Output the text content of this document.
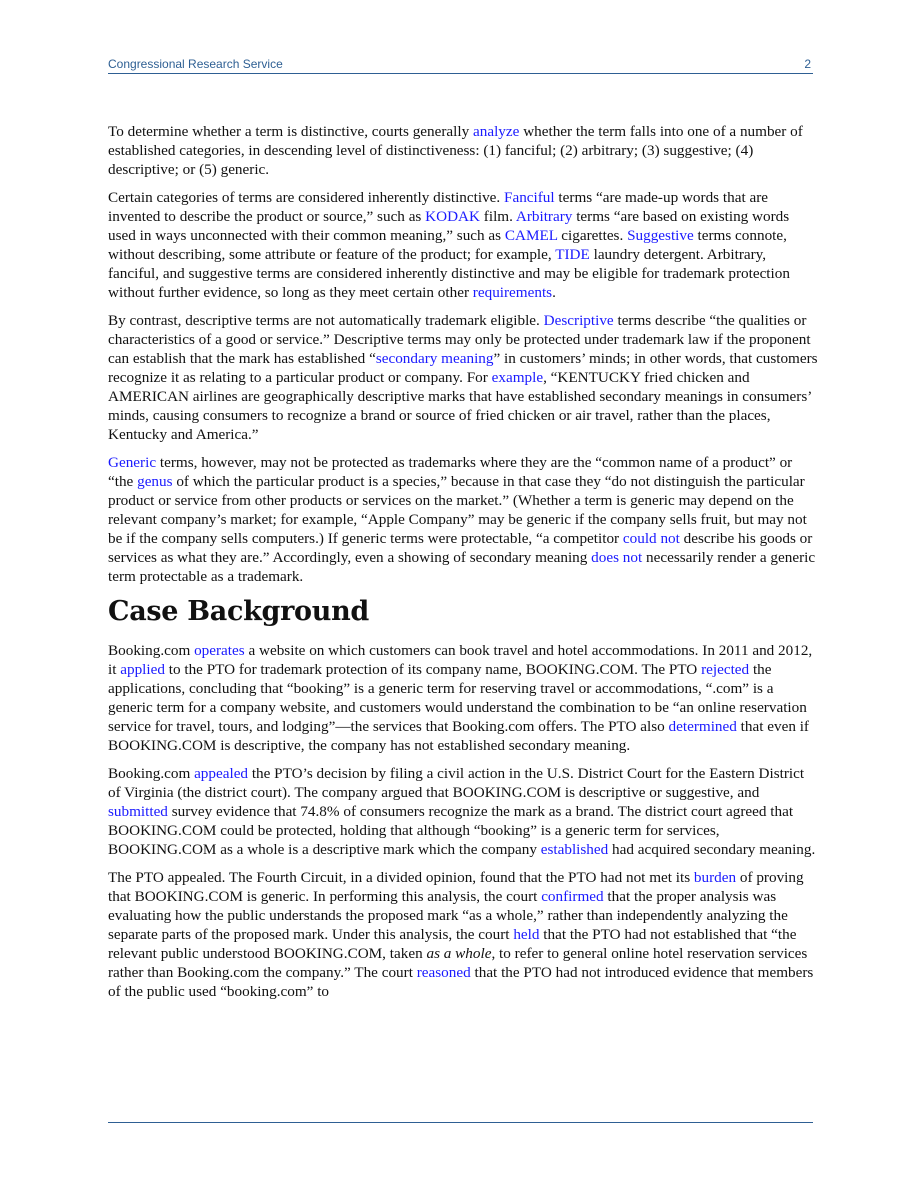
Congressional Research Service	2

To determine whether a term is distinctive, courts generally analyze whether the term falls into one of a number of established categories, in descending level of distinctiveness: (1) fanciful; (2) arbitrary; (3) suggestive; (4) descriptive; or (5) generic.

Certain categories of terms are considered inherently distinctive. Fanciful terms “are made-up words that are invented to describe the product or source,” such as KODAK film. Arbitrary terms “are based on existing words used in ways unconnected with their common meaning,” such as CAMEL cigarettes. Suggestive terms connote, without describing, some attribute or feature of the product; for example, TIDE laundry detergent. Arbitrary, fanciful, and suggestive terms are considered inherently distinctive and may be eligible for trademark protection without further evidence, so long as they meet certain other requirements.

By contrast, descriptive terms are not automatically trademark eligible. Descriptive terms describe “the qualities or characteristics of a good or service.” Descriptive terms may only be protected under trademark law if the proponent can establish that the mark has established “secondary meaning” in customers’ minds; in other words, that customers recognize it as relating to a particular product or company. For example, “KENTUCKY fried chicken and AMERICAN airlines are geographically descriptive marks that have established secondary meanings in consumers’ minds, causing consumers to recognize a brand or source of fried chicken or air travel, rather than the places, Kentucky and America.”

Generic terms, however, may not be protected as trademarks where they are the “common name of a product” or “the genus of which the particular product is a species,” because in that case they “do not distinguish the particular product or service from other products or services on the market.” (Whether a term is generic may depend on the relevant company’s market; for example, “Apple Company” may be generic if the company sells fruit, but may not be if the company sells computers.) If generic terms were protectable, “a competitor could not describe his goods or services as what they are.” Accordingly, even a showing of secondary meaning does not necessarily render a generic term protectable as a trademark.

Case Background

Booking.com operates a website on which customers can book travel and hotel accommodations. In 2011 and 2012, it applied to the PTO for trademark protection of its company name, BOOKING.COM. The PTO rejected the applications, concluding that “booking” is a generic term for reserving travel or accommodations, “.com” is a generic term for a company website, and customers would understand the combination to be “an online reservation service for travel, tours, and lodging”—the services that Booking.com offers. The PTO also determined that even if BOOKING.COM is descriptive, the company has not established secondary meaning.

Booking.com appealed the PTO’s decision by filing a civil action in the U.S. District Court for the Eastern District of Virginia (the district court). The company argued that BOOKING.COM is descriptive or suggestive, and submitted survey evidence that 74.8% of consumers recognize the mark as a brand. The district court agreed that BOOKING.COM could be protected, holding that although “booking” is a generic term for services, BOOKING.COM as a whole is a descriptive mark which the company established had acquired secondary meaning.

The PTO appealed. The Fourth Circuit, in a divided opinion, found that the PTO had not met its burden of proving that BOOKING.COM is generic. In performing this analysis, the court confirmed that the proper analysis was evaluating how the public understands the proposed mark “as a whole,” rather than independently analyzing the separate parts of the proposed mark. Under this analysis, the court held that the PTO had not established that “the relevant public understood BOOKING.COM, taken as a whole, to refer to general online hotel reservation services rather than Booking.com the company.” The court reasoned that the PTO had not introduced evidence that members of the public used “booking.com” to
